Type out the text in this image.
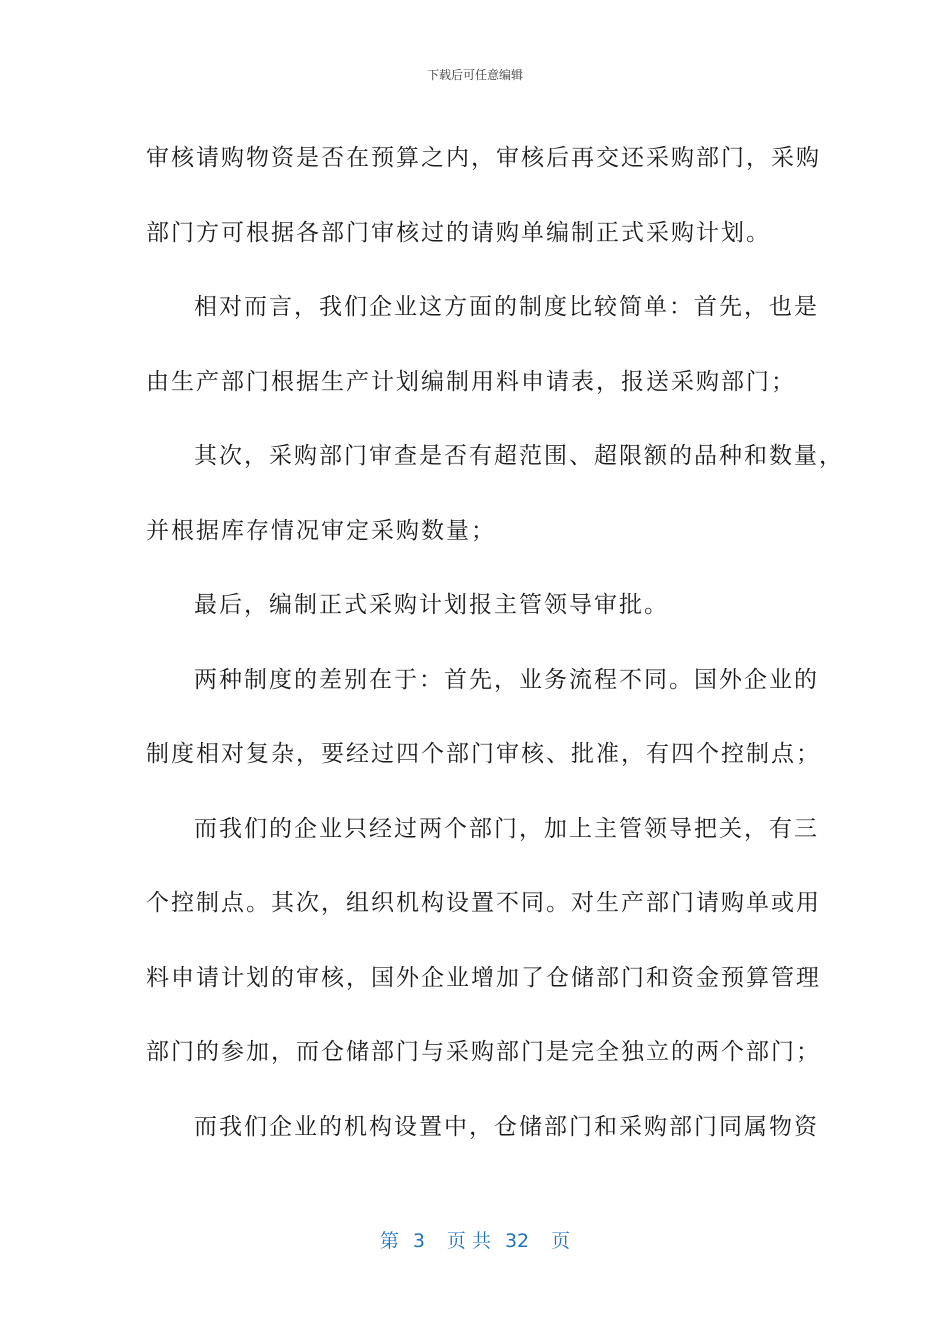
下载后可任意编辑

审核请购物资是否在预算之内，审核后再交还采购部门，采购

部门方可根据各部门审核过的请购单编制正式采购计划。

相对而言，我们企业这方面的制度比较简单：首先，也是

由生产部门根据生产计划编制用料申请表，报送采购部门；

其次，采购部门审查是否有超范围、超限额的品种和数量，

并根据库存情况审定采购数量；

最后，编制正式采购计划报主管领导审批。

两种制度的差别在于：首先，业务流程不同。国外企业的

制度相对复杂，要经过四个部门审核、批准，有四个控制点；

而我们的企业只经过两个部门，加上主管领导把关，有三

个控制点。其次，组织机构设置不同。对生产部门请购单或用

料申请计划的审核，国外企业增加了仓储部门和资金预算管理

部门的参加，而仓储部门与采购部门是完全独立的两个部门；

而我们企业的机构设置中，仓储部门和采购部门同属物资

第 3 页 共 32 页
